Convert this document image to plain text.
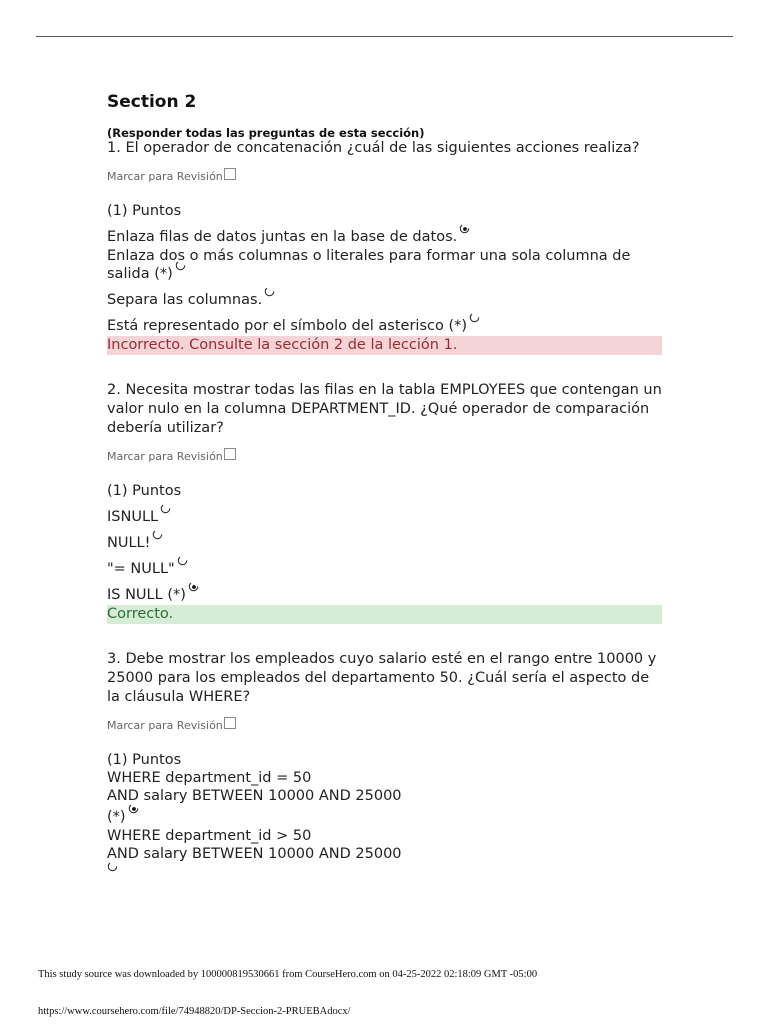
Section 2
(Responder todas las preguntas de esta sección)
1. El operador de concatenación ¿cuál de las siguientes acciones realiza?
Marcar para Revisión
(1) Puntos
Enlaza filas de datos juntas en la base de datos.
Enlaza dos o más columnas o literales para formar una sola columna de salida (*)
Separa las columnas.
Está representado por el símbolo del asterisco (*)
Incorrecto. Consulte la sección 2 de la lección 1.
2. Necesita mostrar todas las filas en la tabla EMPLOYEES que contengan un valor nulo en la columna DEPARTMENT_ID. ¿Qué operador de comparación debería utilizar?
Marcar para Revisión
(1) Puntos
ISNULL
NULL!
"= NULL"
IS NULL (*)
Correcto.
3. Debe mostrar los empleados cuyo salario esté en el rango entre 10000 y 25000 para los empleados del departamento 50. ¿Cuál sería el aspecto de la cláusula WHERE?
Marcar para Revisión
(1) Puntos
WHERE department_id = 50
AND salary BETWEEN 10000 AND 25000
(*)
WHERE department_id > 50
AND salary BETWEEN 10000 AND 25000
This study source was downloaded by 100000819530661 from CourseHero.com on 04-25-2022 02:18:09 GMT -05:00
https://www.coursehero.com/file/74948820/DP-Seccion-2-PRUEBAdocx/
